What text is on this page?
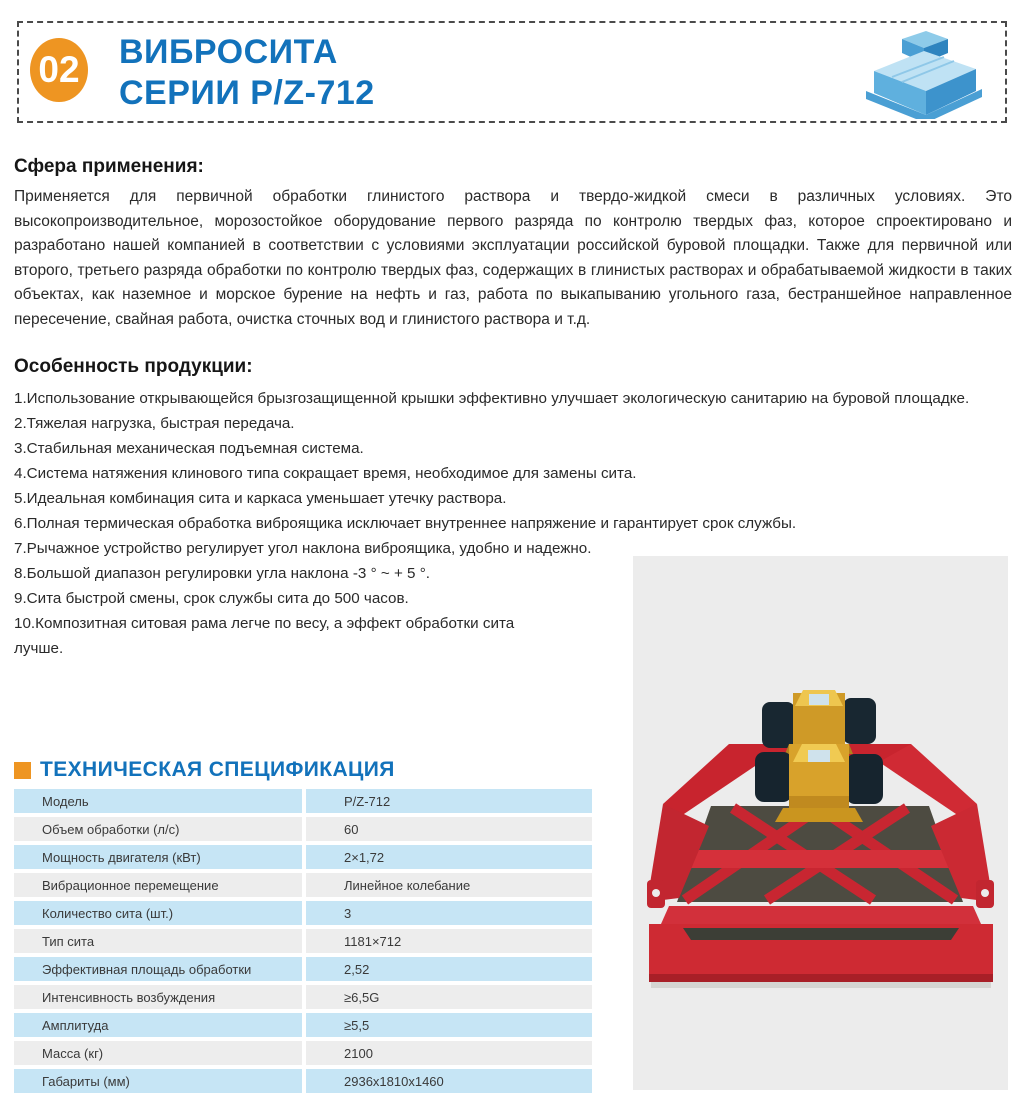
02 ВИБРОСИТА
СЕРИИ P/Z-712
Сфера применения:

Применяется для первичной обработки глинистого раствора и твердо-жидкой смеси в различных условиях. Это высокопроизводительное, морозостойкое оборудование первого разряда по контролю твердых фаз, которое спроектировано и разработано нашей компанией в соответствии с условиями эксплуатации российской буровой площадки. Также для первичной или второго, третьего разряда обработки по контролю твердых фаз, содержащих в глинистых растворах и обрабатываемой жидкости в таких объектах, как наземное и морское бурение на нефть и газ, работа по выкапыванию угольного газа, бестраншейное направленное пересечение, свайная работа, очистка сточных вод и глинистого раствора и т.д.

Особенность продукции:
1.Использование открывающейся брызгозащищенной крышки эффективно улучшает экологическую санитарию на буровой площадке.
2.Тяжелая нагрузка, быстрая передача.
3.Стабильная механическая подъемная система.
4.Система натяжения клинового типа сокращает время, необходимое для замены сита.
5.Идеальная комбинация сита и каркаса уменьшает утечку раствора.
6.Полная термическая обработка виброящика исключает внутреннее напряжение и гарантирует срок службы.
7.Рычажное устройство регулирует угол наклона виброящика, удобно и надежно.
8.Большой диапазон регулировки угла наклона -3 ° ~ + 5 °.
9.Сита быстрой смены, срок службы сита до 500 часов.
10.Композитная ситовая рама легче по весу, а эффект обработки сита лучше.
ТЕХНИЧЕСКАЯ СПЕЦИФИКАЦИЯ
Модель	P/Z-712
Объем обработки (л/с)	60
Мощность двигателя (кВт)	2×1,72
Вибрационное перемещение	Линейное колебание
Количество сита (шт.)	3
Тип сита	1181×712
Эффективная площадь обработки	2,52
Интенсивность возбуждения	≥6,5G
Амплитуда	≥5,5
Масса (кг)	2100
Габариты (мм)	2936x1810x1460
